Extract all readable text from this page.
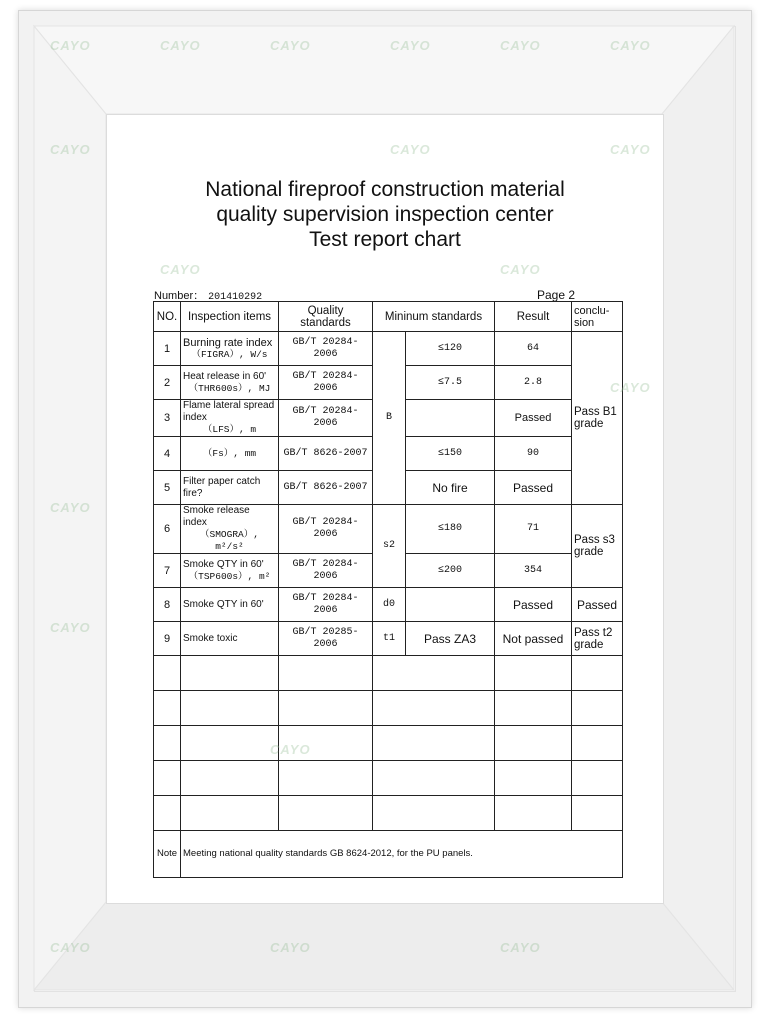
National fireproof construction material
quality supervision inspection center
Test report chart
Number： 201410292	Page 2
NO.	Inspection items	Quality standards	Mininum standards		Result	conclu-sion
1	Burning rate index
（FIGRA）, W/s	GB/T 20284-2006	B	≤120	64	Pass B1 grade
2	Heat release in 60'
（THR600s）, MJ	GB/T 20284-2006		≤7.5	2.8	
3	Flame lateral spread index
（LFS）, m	GB/T 20284-2006			Passed	
4	（Fs）, mm	GB/T 8626-2007		≤150	90	
5	Filter paper catch fire?	GB/T 8626-2007		No fire	Passed	
6	Smoke release index
（SMOGRA）, m²/s²	GB/T 20284-2006	s2	≤180	71	Pass s3 grade
7	Smoke QTY in 60'
（TSP600s）, m²	GB/T 20284-2006		≤200	354	
8	Smoke QTY in 60'	GB/T 20284-2006	d0		Passed	Passed
9	Smoke toxic	GB/T 20285-2006	t1	Pass ZA3	Not passed	Pass t2 grade

Note	Meeting national quality standards GB 8624-2012, for the PU panels.					
CAYO	CAYO	CAYO	CAYO	CAYO	CAYO
CAYO	CAYO	CAYO
CAYO	CAYO
CAYO
CAYO
CAYO
CAYO
CAYO	CAYO	CAYO
